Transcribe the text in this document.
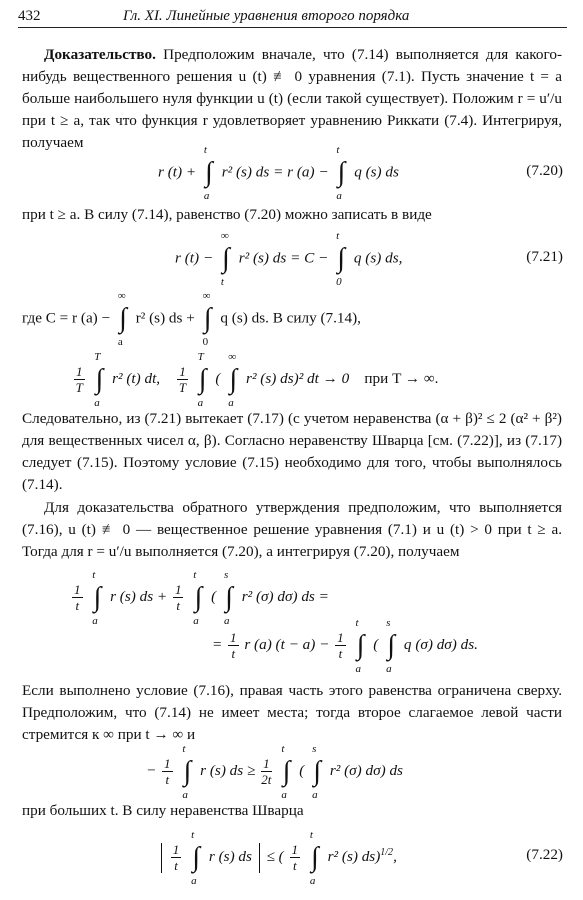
432	Гл. XI. Линейные уравнения второго порядка
Доказательство. Предположим вначале, что (7.14) выполняется для какого-нибудь вещественного решения u (t) ≢ 0 уравнения (7.1). Пусть значение t = a больше наибольшего нуля функции u (t) (если такой существует). Положим r = u′/u при t ≥ a, так что функция r удовлетворяет уравнению Риккати (7.4). Интегрируя, получаем
r (t) +
t
∫
a
r² (s) ds = r (a) −
t
∫
a
q (s) ds	(7.20)
при t ≥ a. В силу (7.14), равенство (7.20) можно записать в виде
r (t) −
∞
∫
t
r² (s) ds = C −
t
∫
0
q (s) ds,	(7.21)
где C = r (a) −
∞
∫
a
r² (s) ds +
∞
∫
0
q (s) ds. В силу (7.14),
$\frac{1}{T}$

T
∫
a
r² (t) dt, $\frac{1}{T}$

T
∫
a
(
∞
∫
a
r² (s) ds)² dt → 0 при T → ∞.
Следовательно, из (7.21) вытекает (7.17) (с учетом неравенства (α + β)² ≤ 2 (α² + β²) для вещественных чисел α, β). Согласно неравенству Шварца [см. (7.22)], из (7.17) следует (7.15). Поэтому условие (7.15) необходимо для того, чтобы выполнялось (7.14).
Для доказательства обратного утверждения предположим, что выполняется (7.16), u (t) ≢ 0 — вещественное решение уравнения (7.1) и u (t) > 0 при t ≥ a. Тогда для r = u′/u выполняется (7.20), а интегрируя (7.20), получаем
$\frac{1}{t}$

t
∫
a
r (s) ds + $\frac{1}{t}$

t
∫
a
(
s
∫
a
r² (σ) dσ) ds =
= $\frac{1}{t}$ r (a) $(t - a) - \frac{1}{t}$

t
∫
a
(
s
∫
a
q (σ) dσ) ds.
Если выполнено условие (7.16), правая часть этого равенства ограничена сверху. Предположим, что (7.14) не имеет места; тогда второе слагаемое левой части стремится к ∞ при t → ∞ и
− $\frac{1}{t}$

t
∫
a
r (s) ds ≥ $\frac{1}{2t}$

t
∫
a
(
s
∫
a
r² (σ) dσ) ds
при больших t. В силу неравенства Шварца

$\frac{1}{t}$

t
∫
a
r (s) ds ≤ ( $\frac{1}{t}$

t
∫
a
r² (s) ds)$^{1/2}$,	(7.22)
